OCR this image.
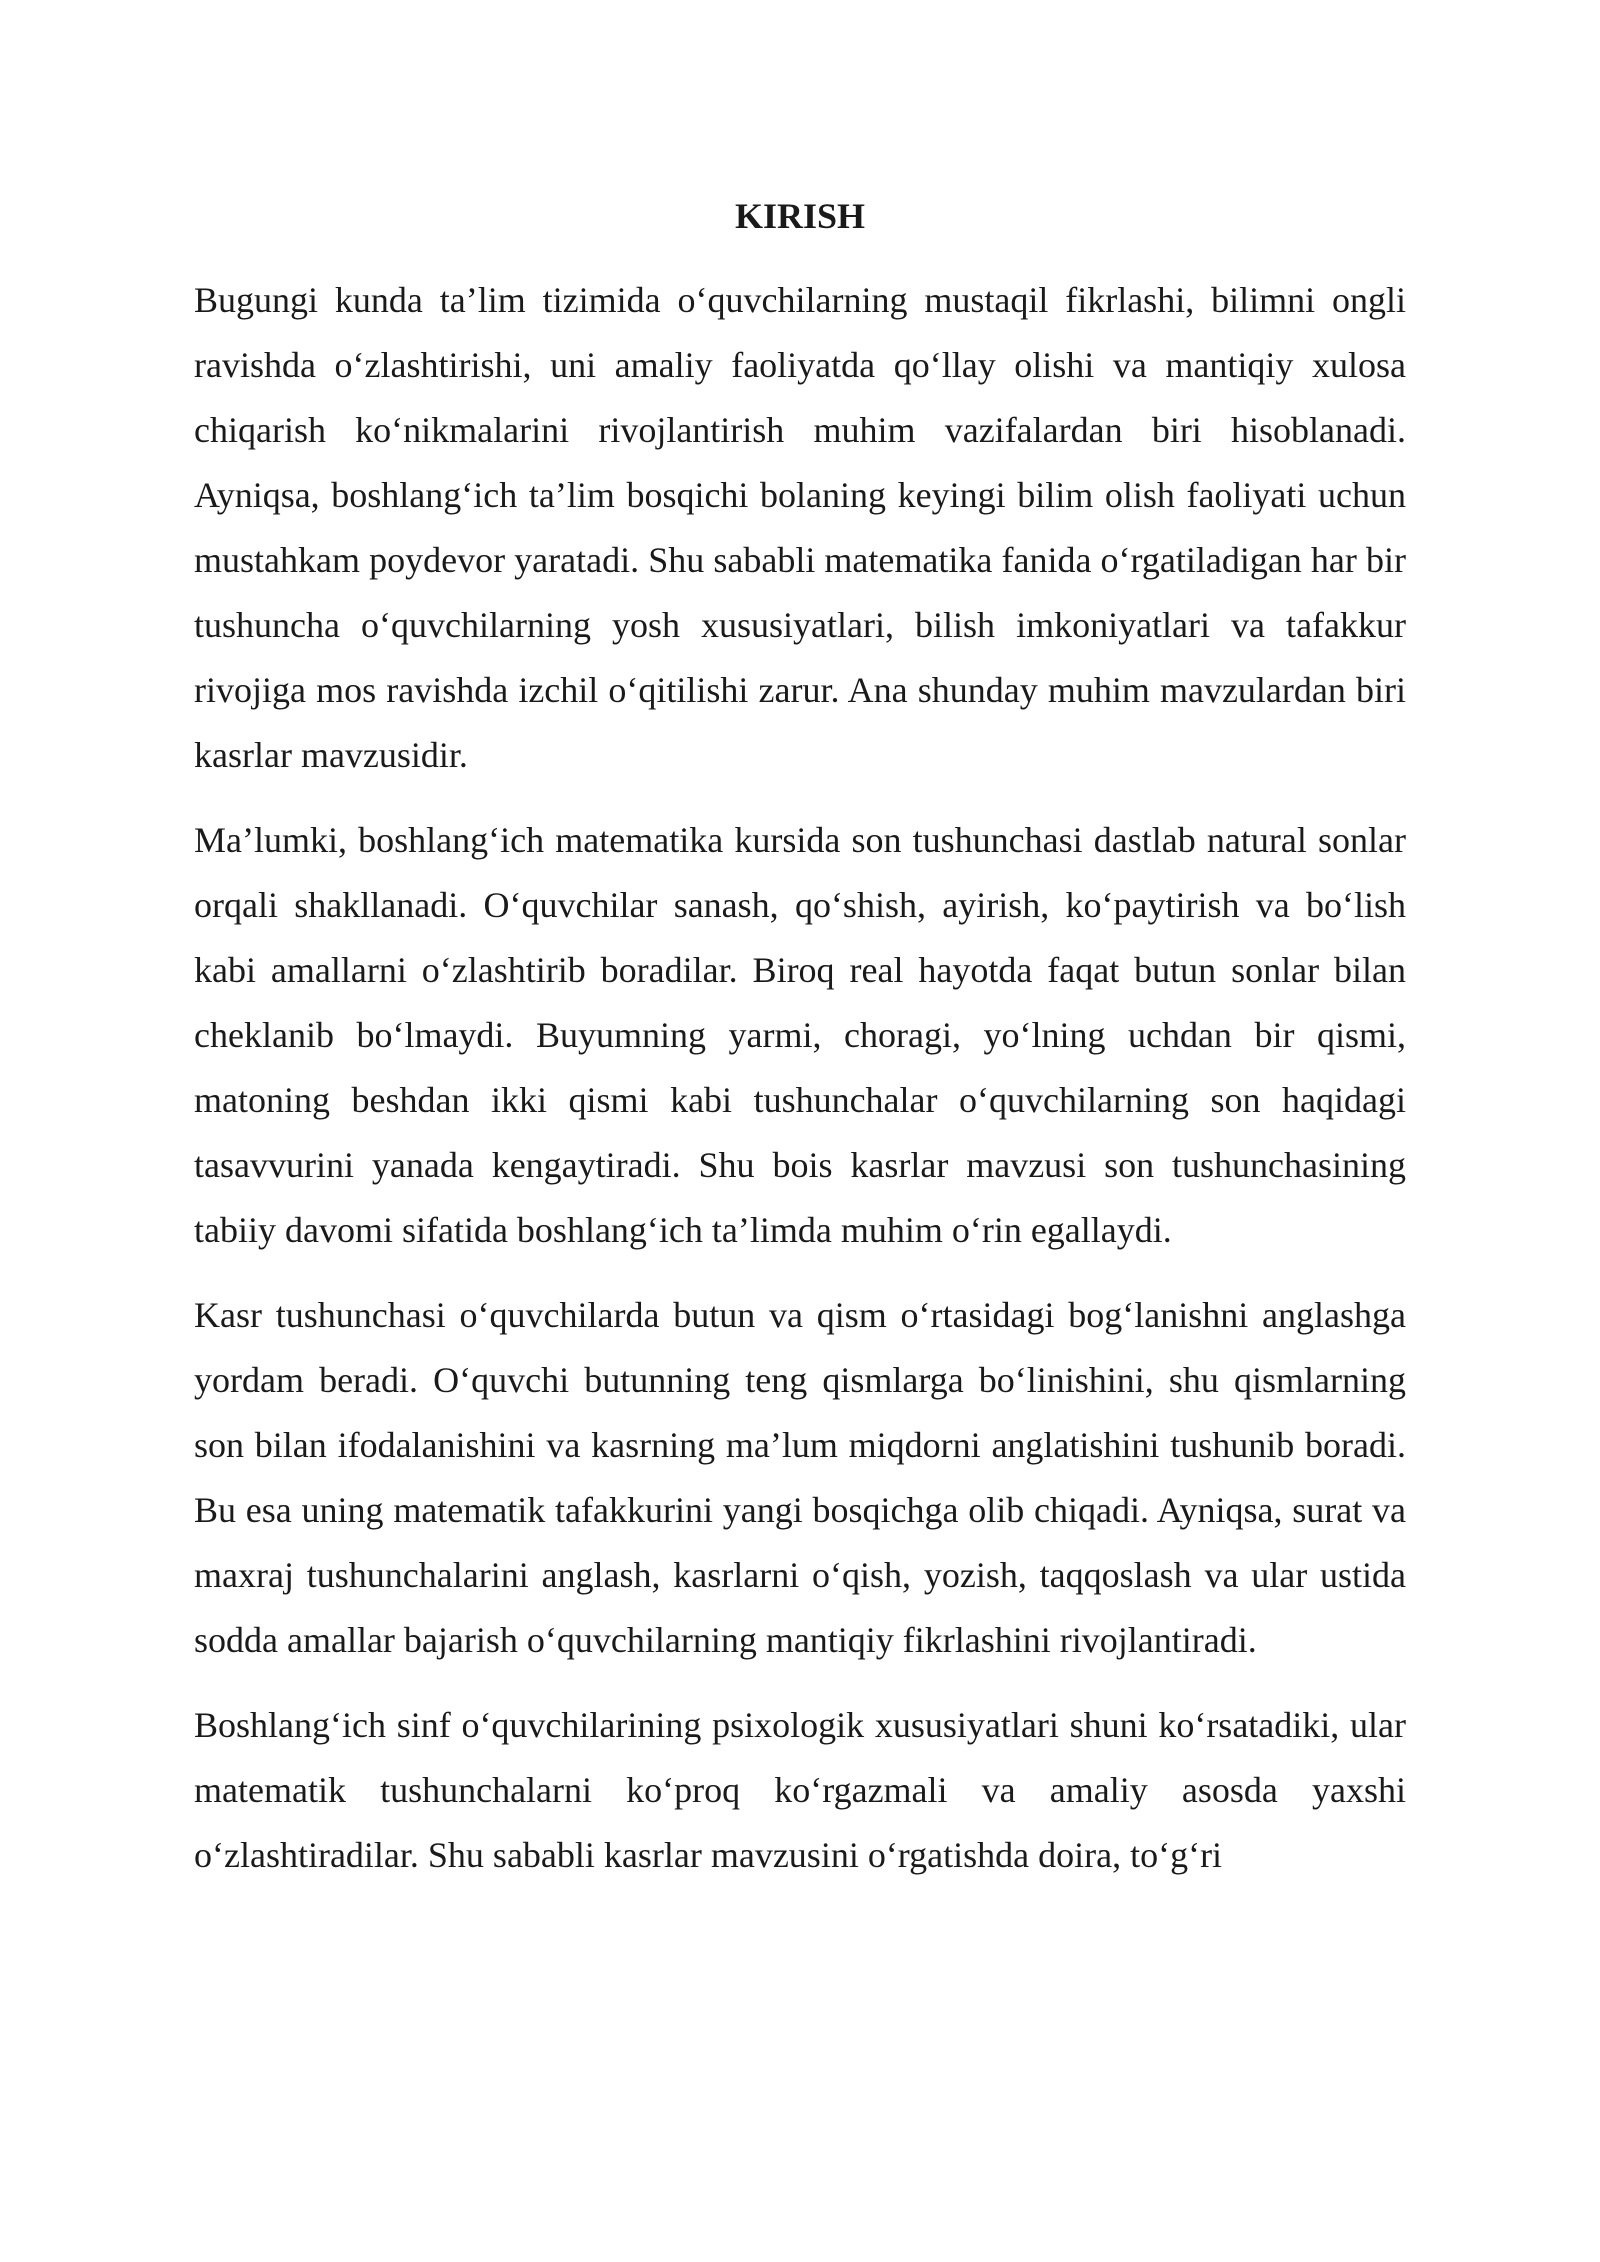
KIRISH

Bugungi kunda ta’lim tizimida o‘quvchilarning mustaqil fikrlashi, bilimni ongli ravishda o‘zlashtirishi, uni amaliy faoliyatda qo‘llay olishi va mantiqiy xulosa chiqarish ko‘nikmalarini rivojlantirish muhim vazifalardan biri hisoblanadi. Ayniqsa, boshlang‘ich ta’lim bosqichi bolaning keyingi bilim olish faoliyati uchun mustahkam poydevor yaratadi. Shu sababli matematika fanida o‘rgatiladigan har bir tushuncha o‘quvchilarning yosh xususiyatlari, bilish imkoniyatlari va tafakkur rivojiga mos ravishda izchil o‘qitilishi zarur. Ana shunday muhim mavzulardan biri kasrlar mavzusidir.

Ma’lumki, boshlang‘ich matematika kursida son tushunchasi dastlab natural sonlar orqali shakllanadi. O‘quvchilar sanash, qo‘shish, ayirish, ko‘paytirish va bo‘lish kabi amallarni o‘zlashtirib boradilar. Biroq real hayotda faqat butun sonlar bilan cheklanib bo‘lmaydi. Buyumning yarmi, choragi, yo‘lning uchdan bir qismi, matoning beshdan ikki qismi kabi tushunchalar o‘quvchilarning son haqidagi tasavvurini yanada kengaytiradi. Shu bois kasrlar mavzusi son tushunchasining tabiiy davomi sifatida boshlang‘ich ta’limda muhim o‘rin egallaydi.

Kasr tushunchasi o‘quvchilarda butun va qism o‘rtasidagi bog‘lanishni anglashga yordam beradi. O‘quvchi butunning teng qismlarga bo‘linishini, shu qismlarning son bilan ifodalanishini va kasrning ma’lum miqdorni anglatishini tushunib boradi. Bu esa uning matematik tafakkurini yangi bosqichga olib chiqadi. Ayniqsa, surat va maxraj tushunchalarini anglash, kasrlarni o‘qish, yozish, taqqoslash va ular ustida sodda amallar bajarish o‘quvchilarning mantiqiy fikrlashini rivojlantiradi.

Boshlang‘ich sinf o‘quvchilarining psixologik xususiyatlari shuni ko‘rsatadiki, ular matematik tushunchalarni ko‘proq ko‘rgazmali va amaliy asosda yaxshi o‘zlashtiradilar. Shu sababli kasrlar mavzusini o‘rgatishda doira, to‘g‘ri
